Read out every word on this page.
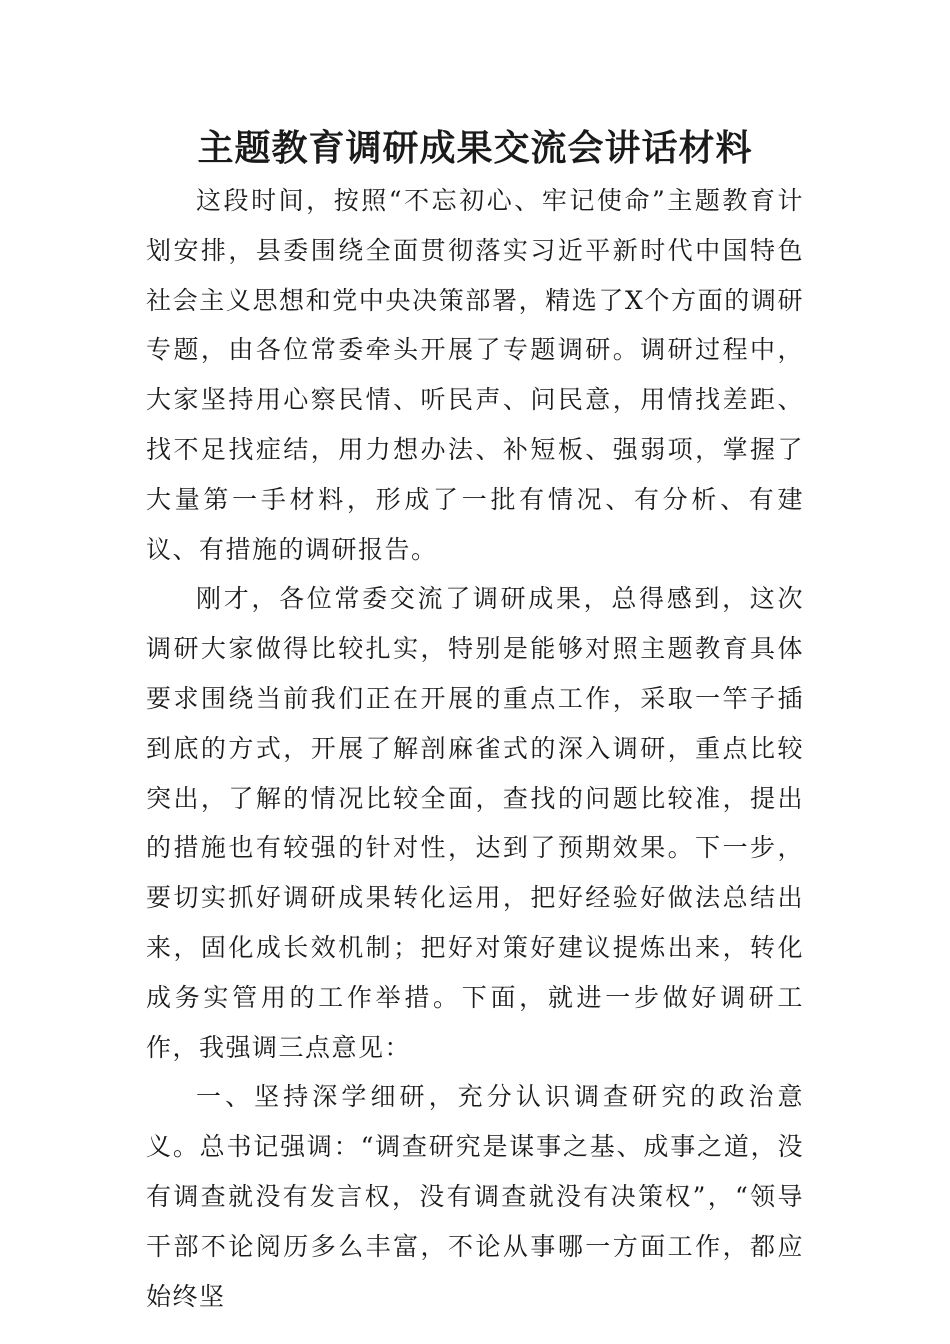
主题教育调研成果交流会讲话材料

这段时间，按照“不忘初心、牢记使命”主题教育计划安排，县委围绕全面贯彻落实习近平新时代中国特色社会主义思想和党中央决策部署，精选了X个方面的调研专题，由各位常委牵头开展了专题调研。调研过程中，大家坚持用心察民情、听民声、问民意，用情找差距、找不足找症结，用力想办法、补短板、强弱项，掌握了大量第一手材料，形成了一批有情况、有分析、有建议、有措施的调研报告。

刚才，各位常委交流了调研成果，总得感到，这次调研大家做得比较扎实，特别是能够对照主题教育具体要求围绕当前我们正在开展的重点工作，采取一竿子插到底的方式，开展了解剖麻雀式的深入调研，重点比较突出，了解的情况比较全面，查找的问题比较准，提出的措施也有较强的针对性，达到了预期效果。下一步，要切实抓好调研成果转化运用，把好经验好做法总结出来，固化成长效机制；把好对策好建议提炼出来，转化成务实管用的工作举措。下面，就进一步做好调研工作，我强调三点意见：

一、坚持深学细研，充分认识调查研究的政治意义。总书记强调：“调查研究是谋事之基、成事之道，没有调查就没有发言权，没有调查就没有决策权”，“领导干部不论阅历多么丰富，不论从事哪一方面工作，都应始终坚
